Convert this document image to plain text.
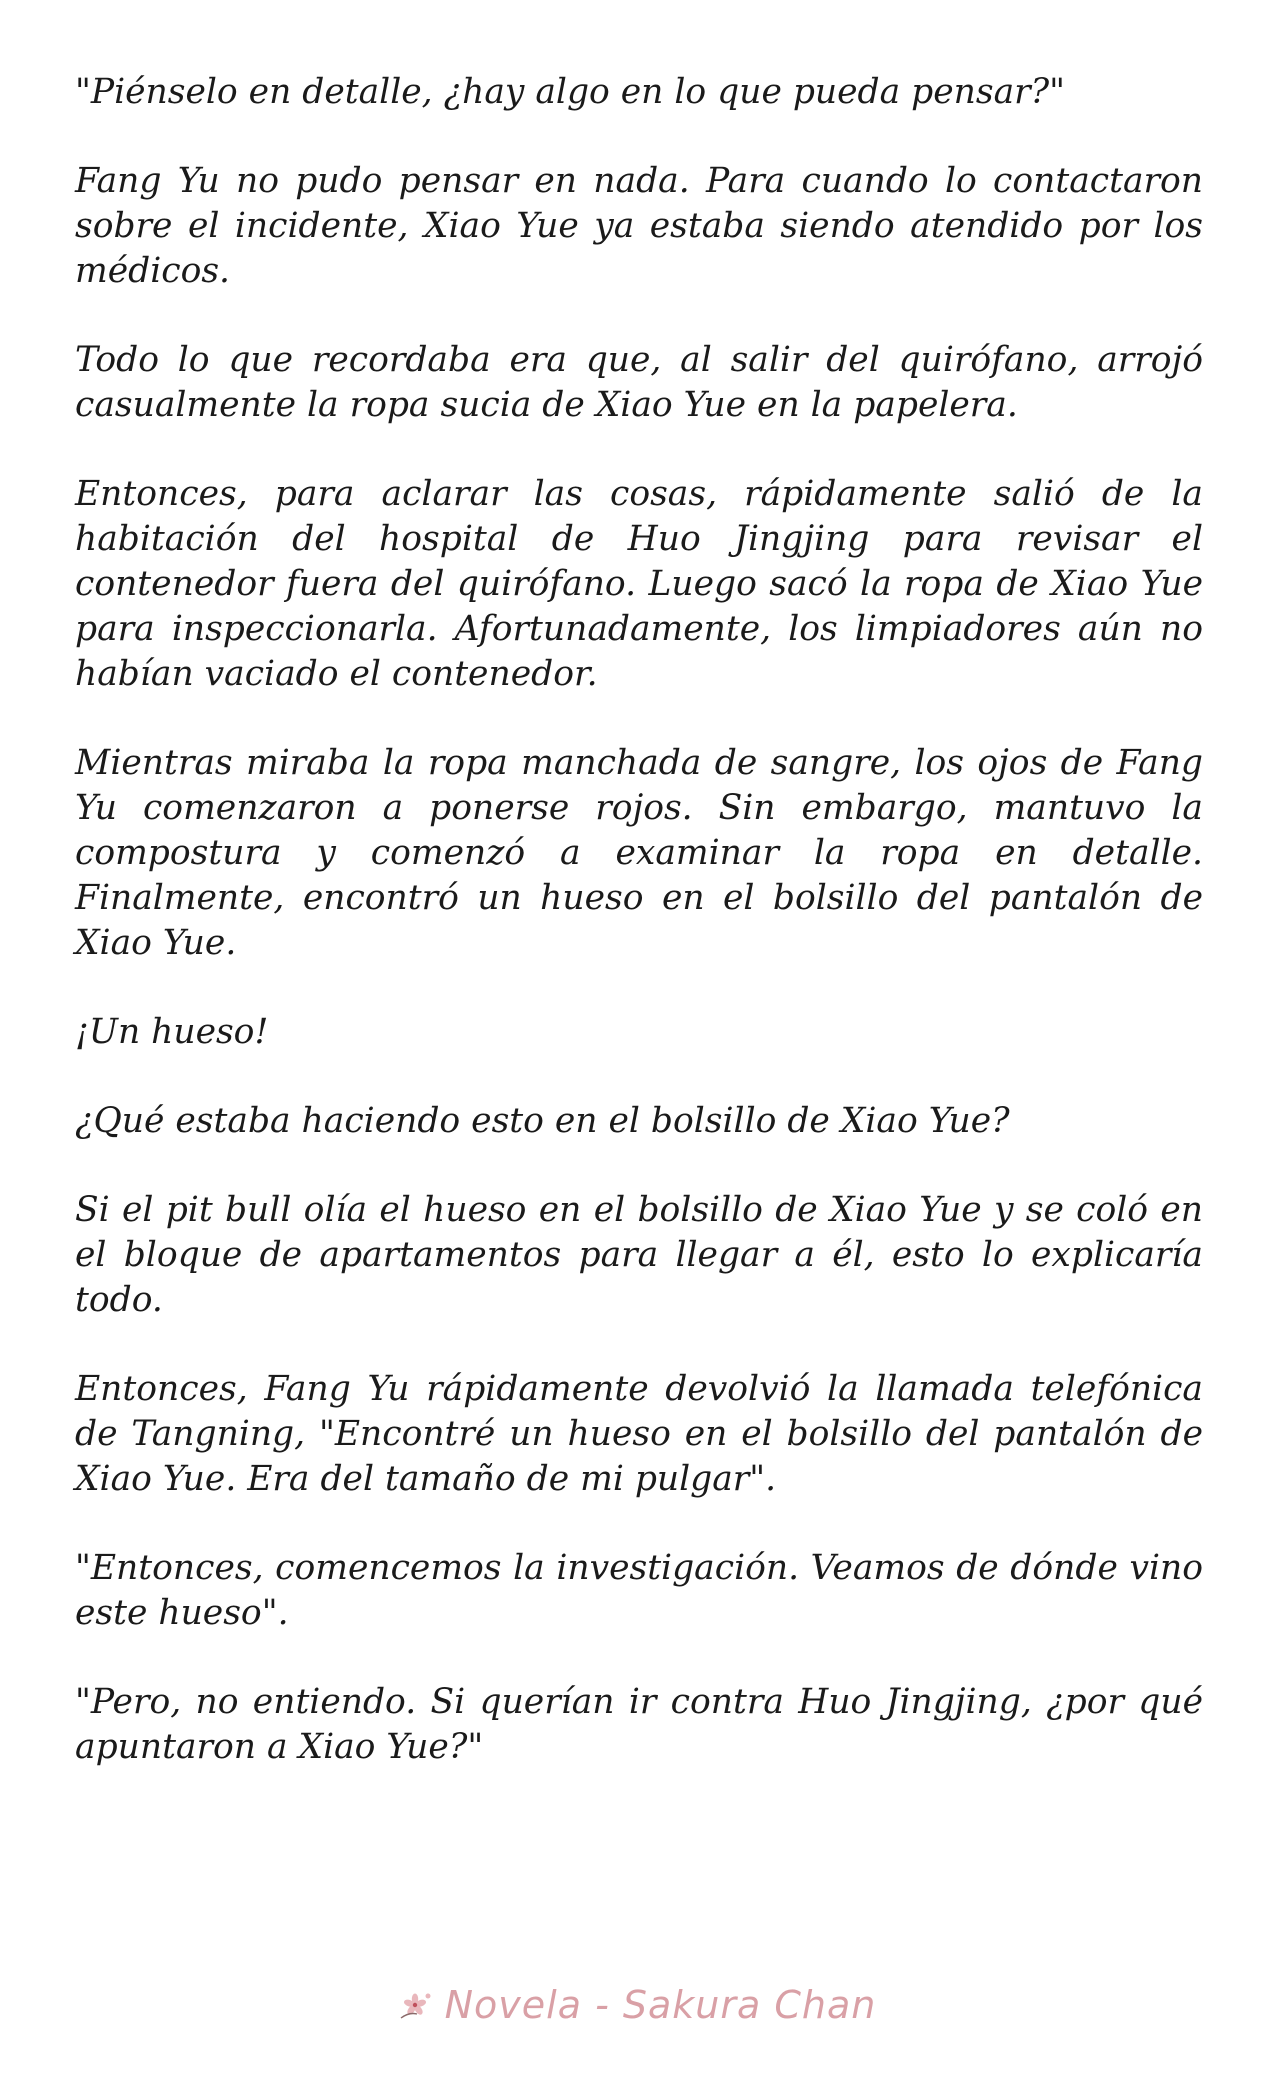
"Piénselo en detalle, ¿hay algo en lo que pueda pensar?"

Fang Yu no pudo pensar en nada. Para cuando lo contactaron sobre el incidente, Xiao Yue ya estaba siendo atendido por los médicos.

Todo lo que recordaba era que, al salir del quirófano, arrojó casualmente la ropa sucia de Xiao Yue en la papelera.

Entonces, para aclarar las cosas, rápidamente salió de la habitación del hospital de Huo Jingjing para revisar el contenedor fuera del quirófano. Luego sacó la ropa de Xiao Yue para inspeccionarla. Afortunadamente, los limpiadores aún no habían vaciado el contenedor.

Mientras miraba la ropa manchada de sangre, los ojos de Fang Yu comenzaron a ponerse rojos. Sin embargo, mantuvo la compostura y comenzó a examinar la ropa en detalle. Finalmente, encontró un hueso en el bolsillo del pantalón de Xiao Yue.

¡Un hueso!

¿Qué estaba haciendo esto en el bolsillo de Xiao Yue?

Si el pit bull olía el hueso en el bolsillo de Xiao Yue y se coló en el bloque de apartamentos para llegar a él, esto lo explicaría todo.

Entonces, Fang Yu rápidamente devolvió la llamada telefónica de Tangning, "Encontré un hueso en el bolsillo del pantalón de Xiao Yue. Era del tamaño de mi pulgar".

"Entonces, comencemos la investigación. Veamos de dónde vino este hueso".

"Pero, no entiendo. Si querían ir contra Huo Jingjing, ¿por qué apuntaron a Xiao Yue?"

Novela - Sakura Chan
